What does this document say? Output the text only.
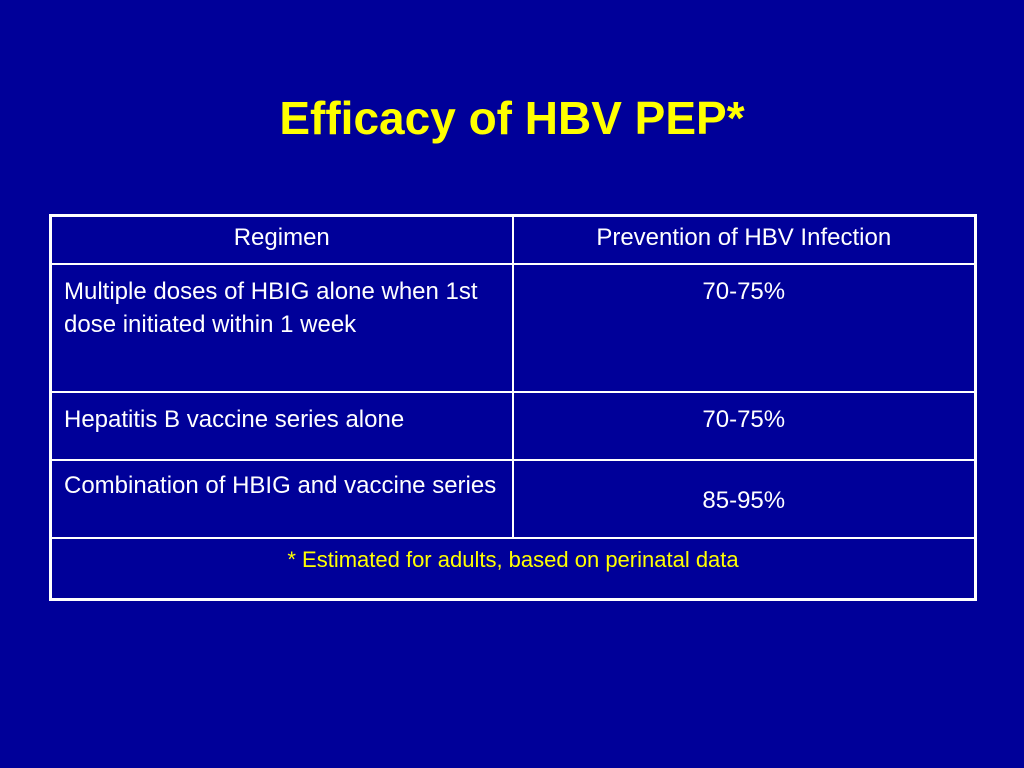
Efficacy of HBV PEP*
Regimen	Prevention of HBV Infection
Multiple doses of HBIG alone when 1st dose initiated within 1 week	70-75%
Hepatitis B vaccine series alone	70-75%
Combination of HBIG and vaccine series	85-95%
* Estimated for adults, based on perinatal data	
